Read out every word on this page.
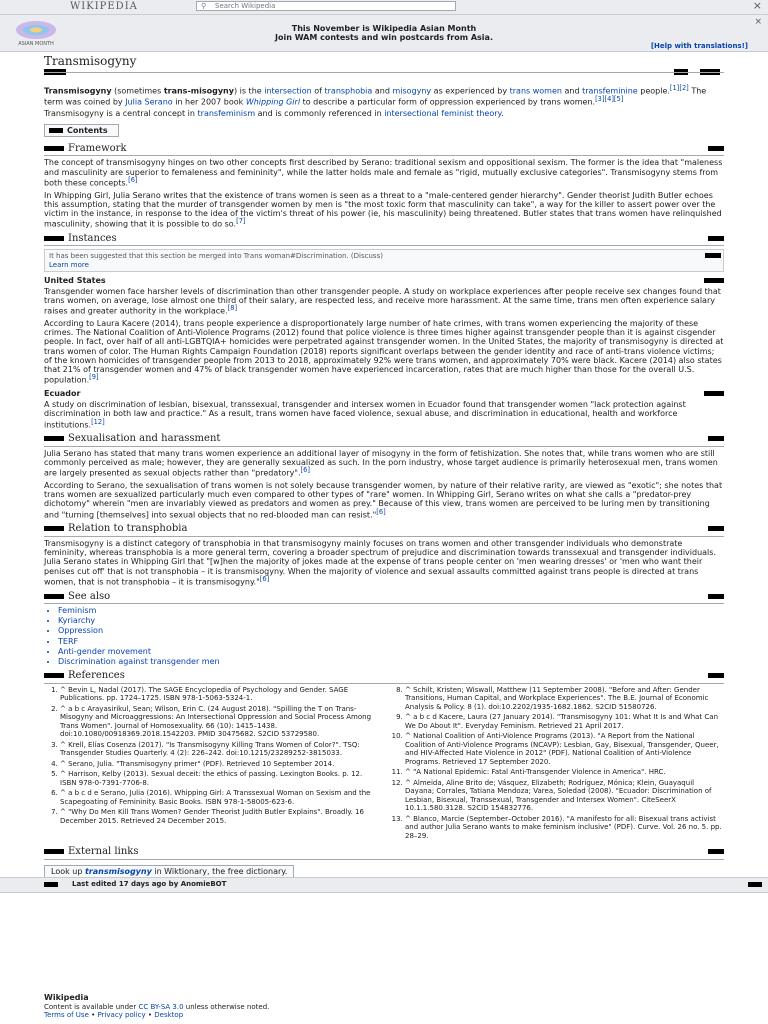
WIKIPEDIA	⚲ Search Wikipedia	×
ASIAN MONTH
This November is Wikipedia Asian Month
Join WAM contests and win postcards from Asia.
[Help with translations!]
×
Transmisogyny

Transmisogyny (sometimes trans-misogyny) is the intersection of transphobia and misogyny as experienced by trans women and transfeminine people.[1][2] The term was coined by Julia Serano in her 2007 book Whipping Girl to describe a particular form of oppression experienced by trans women.[3][4][5]

Transmisogyny is a central concept in transfeminism and is commonly referenced in intersectional feminist theory.

Contents
Framework

The concept of transmisogyny hinges on two other concepts first described by Serano: traditional sexism and oppositional sexism. The former is the idea that "maleness and masculinity are superior to femaleness and femininity", while the latter holds male and female as "rigid, mutually exclusive categories". Transmisogyny stems from both these concepts.[6]

In Whipping Girl, Julia Serano writes that the existence of trans women is seen as a threat to a "male-centered gender hierarchy". Gender theorist Judith Butler echoes this assumption, stating that the murder of transgender women by men is "the most toxic form that masculinity can take", a way for the killer to assert power over the victim in the instance, in response to the idea of the victim's threat of his power (ie, his masculinity) being threatened. Butler states that trans women have relinquished masculinity, showing that it is possible to do so.[7]

Instances
It has been suggested that this section be merged into Trans woman#Discrimination. (Discuss)
Learn more
United States

Transgender women face harsher levels of discrimination than other transgender people. A study on workplace experiences after people receive sex changes found that trans women, on average, lose almost one third of their salary, are respected less, and receive more harassment. At the same time, trans men often experience salary raises and greater authority in the workplace.[8]

According to Laura Kacere (2014), trans people experience a disproportionately large number of hate crimes, with trans women experiencing the majority of these crimes. The National Coalition of Anti-Violence Programs (2012) found that police violence is three times higher against transgender people than it is against cisgender people. In fact, over half of all anti-LGBTQIA+ homicides were perpetrated against transgender women. In the United States, the majority of transmisogyny is directed at trans women of color. The Human Rights Campaign Foundation (2018) reports significant overlaps between the gender identity and race of anti-trans violence victims; of the known homicides of transgender people from 2013 to 2018, approximately 92% were trans women, and approximately 70% were black. Kacere (2014) also states that 21% of transgender women and 47% of black transgender women have experienced incarceration, rates that are much higher than those for the overall U.S. population.[9]

Ecuador

A study on discrimination of lesbian, bisexual, transsexual, transgender and intersex women in Ecuador found that transgender women "lack protection against discrimination in both law and practice." As a result, trans women have faced violence, sexual abuse, and discrimination in educational, health and workforce institutions.[12]

Sexualisation and harassment

Julia Serano has stated that many trans women experience an additional layer of misogyny in the form of fetishization. She notes that, while trans women who are still commonly perceived as male; however, they are generally sexualized as such. In the porn industry, whose target audience is primarily heterosexual men, trans women are largely presented as sexual objects rather than "predatory".[6]

According to Serano, the sexualisation of trans women is not solely because transgender women, by nature of their relative rarity, are viewed as "exotic"; she notes that trans women are sexualized particularly much even compared to other types of "rare" women. In Whipping Girl, Serano writes on what she calls a "predator-prey dichotomy" wherein "men are invariably viewed as predators and women as prey." Because of this view, trans women are perceived to be luring men by transitioning and "turning [themselves] into sexual objects that no red-blooded man can resist."[6]

Relation to transphobia

Transmisogyny is a distinct category of transphobia in that transmisogyny mainly focuses on trans women and other transgender individuals who demonstrate femininity, whereas transphobia is a more general term, covering a broader spectrum of prejudice and discrimination towards transsexual and transgender individuals. Julia Serano states in Whipping Girl that "[w]hen the majority of jokes made at the expense of trans people center on 'men wearing dresses' or 'men who want their penises cut off' that is not transphobia – it is transmisogyny. When the majority of violence and sexual assaults committed against trans people is directed at trans women, that is not transphobia – it is transmisogyny."[6]

See also
• Feminism
• Kyriarchy
• Oppression
• TERF
• Anti-gender movement
• Discrimination against transgender men
References
1. ^ Bevin L, Nadal (2017). The SAGE Encyclopedia of Psychology and Gender. SAGE Publications. pp. 1724–1725. ISBN 978-1-5063-5324-1.
2. ^ a b c Arayasirikul, Sean; Wilson, Erin C. (24 August 2018). "Spilling the T on Trans-Misogyny and Microaggressions: An Intersectional Oppression and Social Process Among Trans Women". Journal of Homosexuality. 66 (10): 1415–1438. doi:10.1080/00918369.2018.1542203. PMID 30475682. S2CID 53729580.
3. ^ Krell, Elías Cosenza (2017). "Is Transmisogyny Killing Trans Women of Color?". TSQ: Transgender Studies Quarterly. 4 (2): 226–242. doi:10.1215/23289252-3815033.
4. ^ Serano, Julia. "Transmisogyny primer" (PDF). Retrieved 10 September 2014.
5. ^ Harrison, Kelby (2013). Sexual deceit: the ethics of passing. Lexington Books. p. 12. ISBN 978-0-7391-7706-8.
6. ^ a b c d e Serano, Julia (2016). Whipping Girl: A Transsexual Woman on Sexism and the Scapegoating of Femininity. Basic Books. ISBN 978-1-58005-623-6.
7. ^ "Why Do Men Kill Trans Women? Gender Theorist Judith Butler Explains". Broadly. 16 December 2015. Retrieved 24 December 2015.
8. ^ Schilt, Kristen; Wiswall, Matthew (11 September 2008). "Before and After: Gender Transitions, Human Capital, and Workplace Experiences". The B.E. Journal of Economic Analysis & Policy. 8 (1). doi:10.2202/1935-1682.1862. S2CID 51580726.
9. ^ a b c d Kacere, Laura (27 January 2014). "Transmisogyny 101: What It Is and What Can We Do About It". Everyday Feminism. Retrieved 21 April 2017.
10. ^ National Coalition of Anti-Violence Programs (2013). "A Report from the National Coalition of Anti-Violence Programs (NCAVP): Lesbian, Gay, Bisexual, Transgender, Queer, and HIV-Affected Hate Violence in 2012" (PDF). National Coalition of Anti-Violence Programs. Retrieved 17 September 2020.
11. ^ "A National Epidemic: Fatal Anti-Transgender Violence in America". HRC.
12. ^ Almeida, Aline Brito de; Vásquez, Elizabeth; Rodríguez, Mónica; Klein, Guayaquil Dayana; Corrales, Tatiana Mendoza; Varea, Soledad (2008). "Ecuador: Discrimination of Lesbian, Bisexual, Transsexual, Transgender and Intersex Women". CiteSeerX 10.1.1.580.3128. S2CID 154832776.
13. ^ Blanco, Marcie (September–October 2016). "A manifesto for all: Bisexual trans activist and author Julia Serano wants to make feminism inclusive" (PDF). Curve. Vol. 26 no. 5. pp. 28–29.
External links
Look up transmisogyny in Wiktionary, the free dictionary.
Last edited 17 days ago by AnomieBOT
Wikipedia
Content is available under CC BY-SA 3.0 unless otherwise noted.
Terms of Use • Privacy policy • Desktop
